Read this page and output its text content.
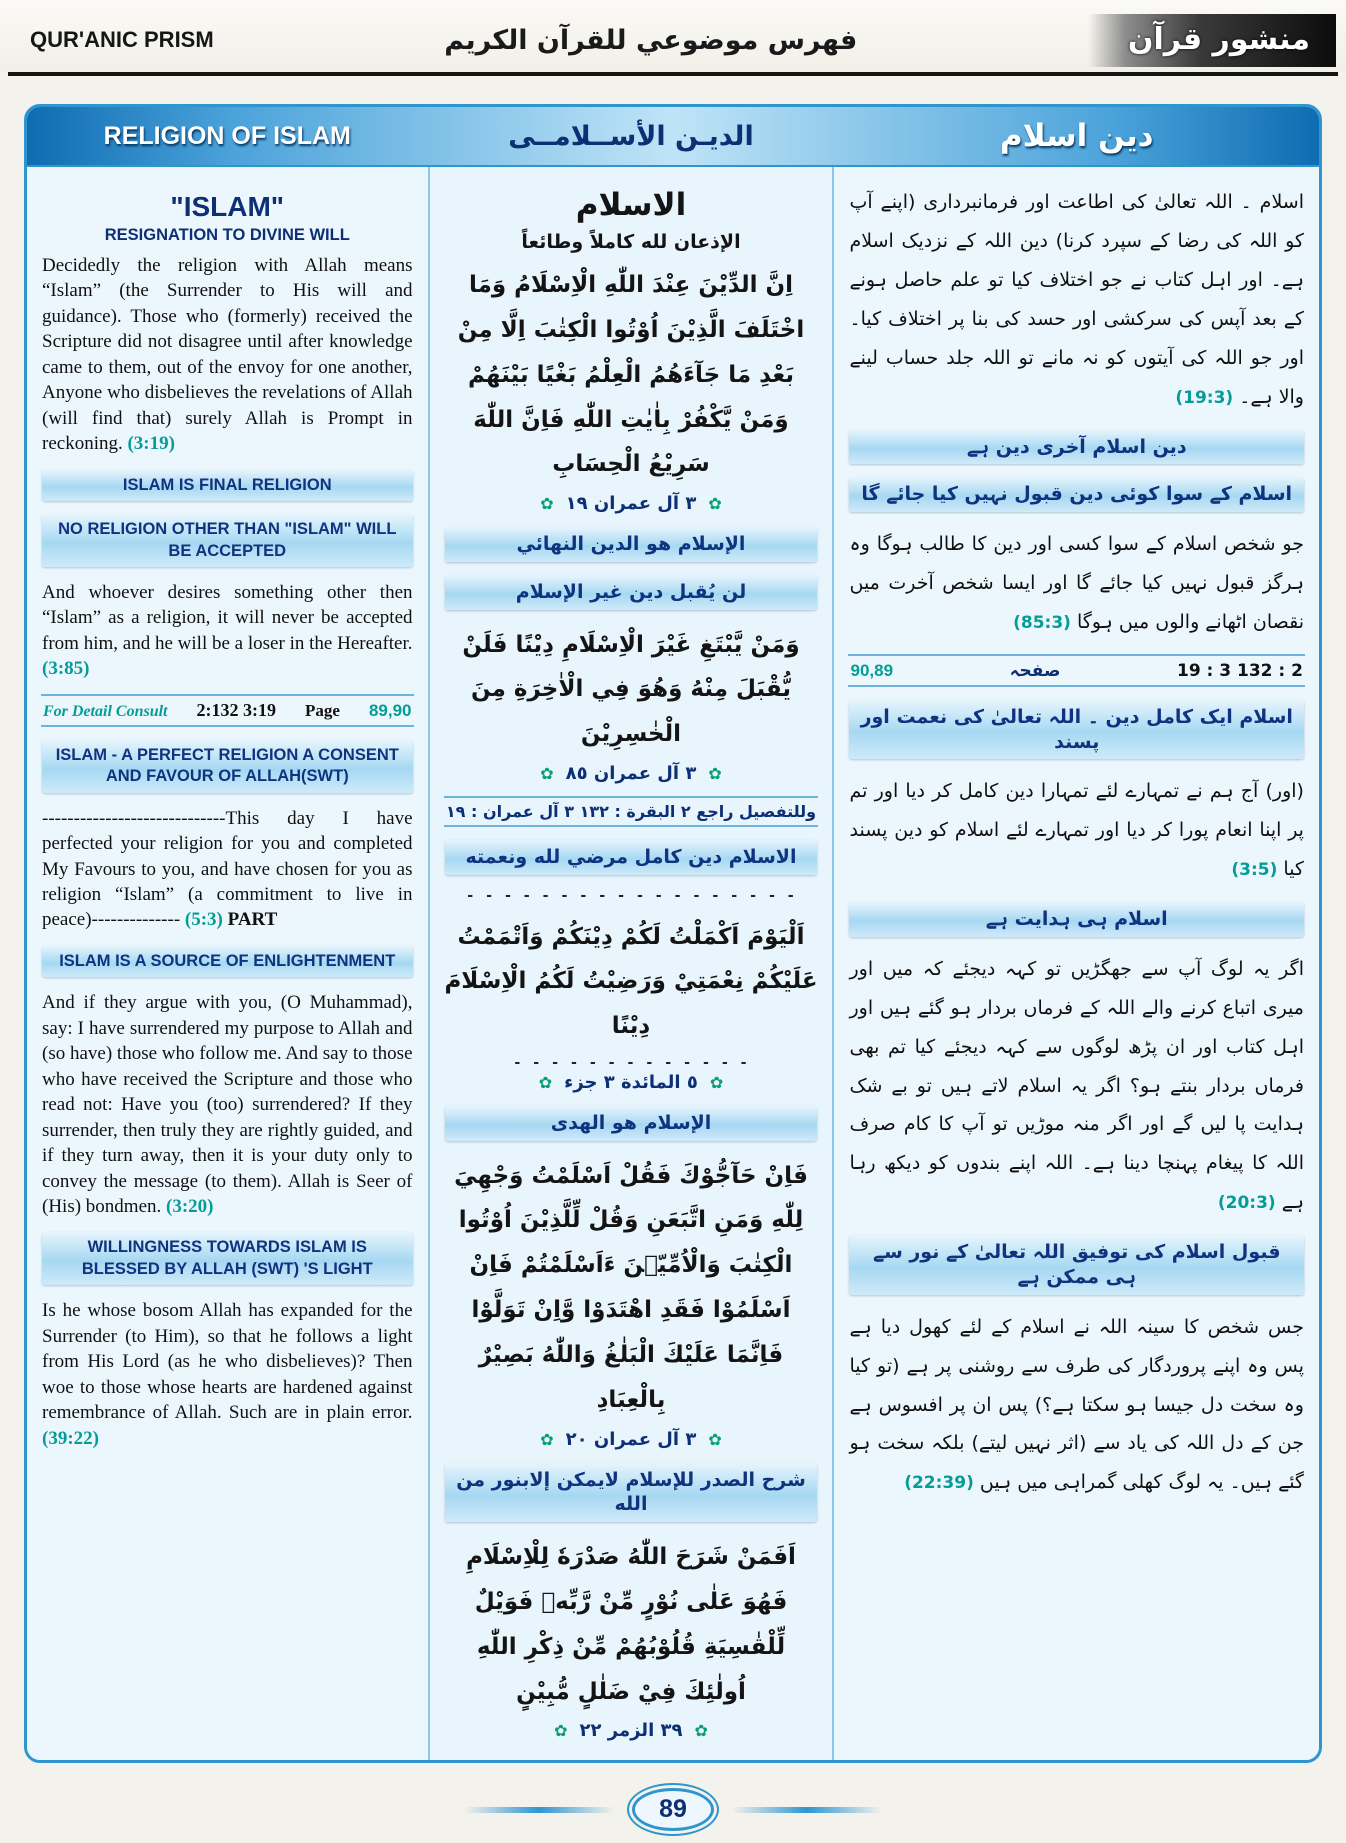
QUR'ANIC PRISM	فهرس موضوعي للقرآن الكريم	منشور قرآن
RELIGION OF ISLAM	الديـن الأســلامــى	دین اسلام
"ISLAM"
RESIGNATION TO DIVINE WILL

Decidedly the religion with Allah means “Islam” (the Surrender to His will and guidance). Those who (formerly) received the Scripture did not disagree until after knowledge came to them, out of the envoy for one another, Anyone who disbelieves the revelations of Allah (will find that) surely Allah is Prompt in reckoning. (3:19)

ISLAM IS FINAL RELIGION
NO RELIGION OTHER THAN "ISLAM" WILL BE ACCEPTED

And whoever desires something other then “Islam” as a religion, it will never be accepted from him, and he will be a loser in the Hereafter. (3:85)

For Detail Consult 2:132 3:19 Page 89,90
ISLAM - A PERFECT RELIGION A CONSENT AND FAVOUR OF ALLAH(SWT)

-----------------------------This day I have perfected your religion for you and completed My Favours to you, and have chosen for you as religion “Islam” (a commitment to live in peace)-------------- (5:3) PART

ISLAM IS A SOURCE OF ENLIGHTENMENT

And if they argue with you, (O Muhammad), say: I have surrendered my purpose to Allah and (so have) those who follow me. And say to those who have received the Scripture and those who read not: Have you (too) surrendered? If they surrender, then truly they are rightly guided, and if they turn away, then it is your duty only to convey the message (to them). Allah is Seer of (His) bondmen. (3:20)

WILLINGNESS TOWARDS ISLAM IS BLESSED BY ALLAH (SWT) 'S LIGHT

Is he whose bosom Allah has expanded for the Surrender (to Him), so that he follows a light from His Lord (as he who disbelieves)? Then woe to those whose hearts are hardened against remembrance of Allah. Such are in plain error. (39:22)

الاسلام
الإذعان لله كاملاً وطائعاً
اِنَّ الدِّيْنَ عِنْدَ اللّٰهِ الْاِسْلَامُ وَمَا اخْتَلَفَ الَّذِيْنَ اُوْتُوا الْكِتٰبَ اِلَّا مِنْ بَعْدِ مَا جَآءَهُمُ الْعِلْمُ بَغْيًا بَيْنَهُمْ وَمَنْ يَّكْفُرْ بِاٰيٰتِ اللّٰهِ فَاِنَّ اللّٰهَ سَرِيْعُ الْحِسَابِ
✿
٣ آل عمران ١٩
✿
الإسلام هو الدين النهائي
لن يُقبل دين غير الإسلام
وَمَنْ يَّبْتَغِ غَيْرَ الْاِسْلَامِ دِيْنًا فَلَنْ يُّقْبَلَ مِنْهُ وَهُوَ فِي الْاٰخِرَةِ مِنَ الْخٰسِرِيْنَ
✿
٣ آل عمران ٨٥
✿
وللتفصيل راجع ٢ البقرة : ١٣٢ ٣ آل عمران : ١٩
الاسلام دين كامل مرضي لله ونعمته
- - - - - - - - - - - - - - - - - -
اَلْيَوْمَ اَكْمَلْتُ لَكُمْ دِيْنَكُمْ وَاَتْمَمْتُ عَلَيْكُمْ نِعْمَتِيْ وَرَضِيْتُ لَكُمُ الْاِسْلَامَ دِيْنًا
- - - - - - - - - - - - -
✿
٥ المائدة ٣ جزء
✿
الإسلام هو الهدى
فَاِنْ حَآجُّوْكَ فَقُلْ اَسْلَمْتُ وَجْهِيَ لِلّٰهِ وَمَنِ اتَّبَعَنِ وَقُلْ لِّلَّذِيْنَ اُوْتُوا الْكِتٰبَ وَالْاُمِّيّٖنَ ءَاَسْلَمْتُمْ فَاِنْ اَسْلَمُوْا فَقَدِ اهْتَدَوْا وَّاِنْ تَوَلَّوْا فَاِنَّمَا عَلَيْكَ الْبَلٰغُ وَاللّٰهُ بَصِيْرٌ بِالْعِبَادِ
✿
٣ آل عمران ٢٠
✿
شرح الصدر للإسلام لايمكن إلابنور من الله
اَفَمَنْ شَرَحَ اللّٰهُ صَدْرَهٗ لِلْاِسْلَامِ فَهُوَ عَلٰى نُوْرٍ مِّنْ رَّبِّهٖ فَوَيْلٌ لِّلْقٰسِيَةِ قُلُوْبُهُمْ مِّنْ ذِكْرِ اللّٰهِ اُولٰئِكَ فِيْ ضَلٰلٍ مُّبِيْنٍ
✿
٣٩ الزمر ٢٢
✿

اسلام ۔ اللہ تعالیٰ کی اطاعت اور فرمانبرداری (اپنے آپ کو اللہ کی رضا کے سپرد کرنا) دین اللہ کے نزدیک اسلام ہے۔ اور اہل کتاب نے جو اختلاف کیا تو علم حاصل ہونے کے بعد آپس کی سرکشی اور حسد کی بنا پر اختلاف کیا۔ اور جو اللہ کی آیتوں کو نہ مانے تو اللہ جلد حساب لینے والا ہے۔ (19:3)

دین اسلام آخری دین ہے
اسلام کے سوا کوئی دین قبول نہیں کیا جائے گا

جو شخص اسلام کے سوا کسی اور دین کا طالب ہوگا وہ ہرگز قبول نہیں کیا جائے گا اور ایسا شخص آخرت میں نقصان اٹھانے والوں میں ہوگا (85:3)

90,89	صفحہ	19 : 3 132 : 2
اسلام ایک کامل دین ۔ اللہ تعالیٰ کی نعمت اور پسند

(اور) آج ہم نے تمہارے لئے تمہارا دین کامل کر دیا اور تم پر اپنا انعام پورا کر دیا اور تمہارے لئے اسلام کو دین پسند کیا (3:5)

اسلام ہی ہدایت ہے

اگر یہ لوگ آپ سے جھگڑیں تو کہہ دیجئے کہ میں اور میری اتباع کرنے والے اللہ کے فرماں بردار ہو گئے ہیں اور اہل کتاب اور ان پڑھ لوگوں سے کہہ دیجئے کیا تم بھی فرماں بردار بنتے ہو؟ اگر یہ اسلام لاتے ہیں تو بے شک ہدایت پا لیں گے اور اگر منہ موڑیں تو آپ کا کام صرف اللہ کا پیغام پہنچا دینا ہے۔ اللہ اپنے بندوں کو دیکھ رہا ہے (20:3)

قبول اسلام کی توفیق اللہ تعالیٰ کے نور سے ہی ممکن ہے

جس شخص کا سینہ اللہ نے اسلام کے لئے کھول دیا ہے پس وہ اپنے پروردگار کی طرف سے روشنی پر ہے (تو کیا وہ سخت دل جیسا ہو سکتا ہے؟) پس ان پر افسوس ہے جن کے دل اللہ کی یاد سے (اثر نہیں لیتے) بلکہ سخت ہو گئے ہیں۔ یہ لوگ کھلی گمراہی میں ہیں (22:39)

89
